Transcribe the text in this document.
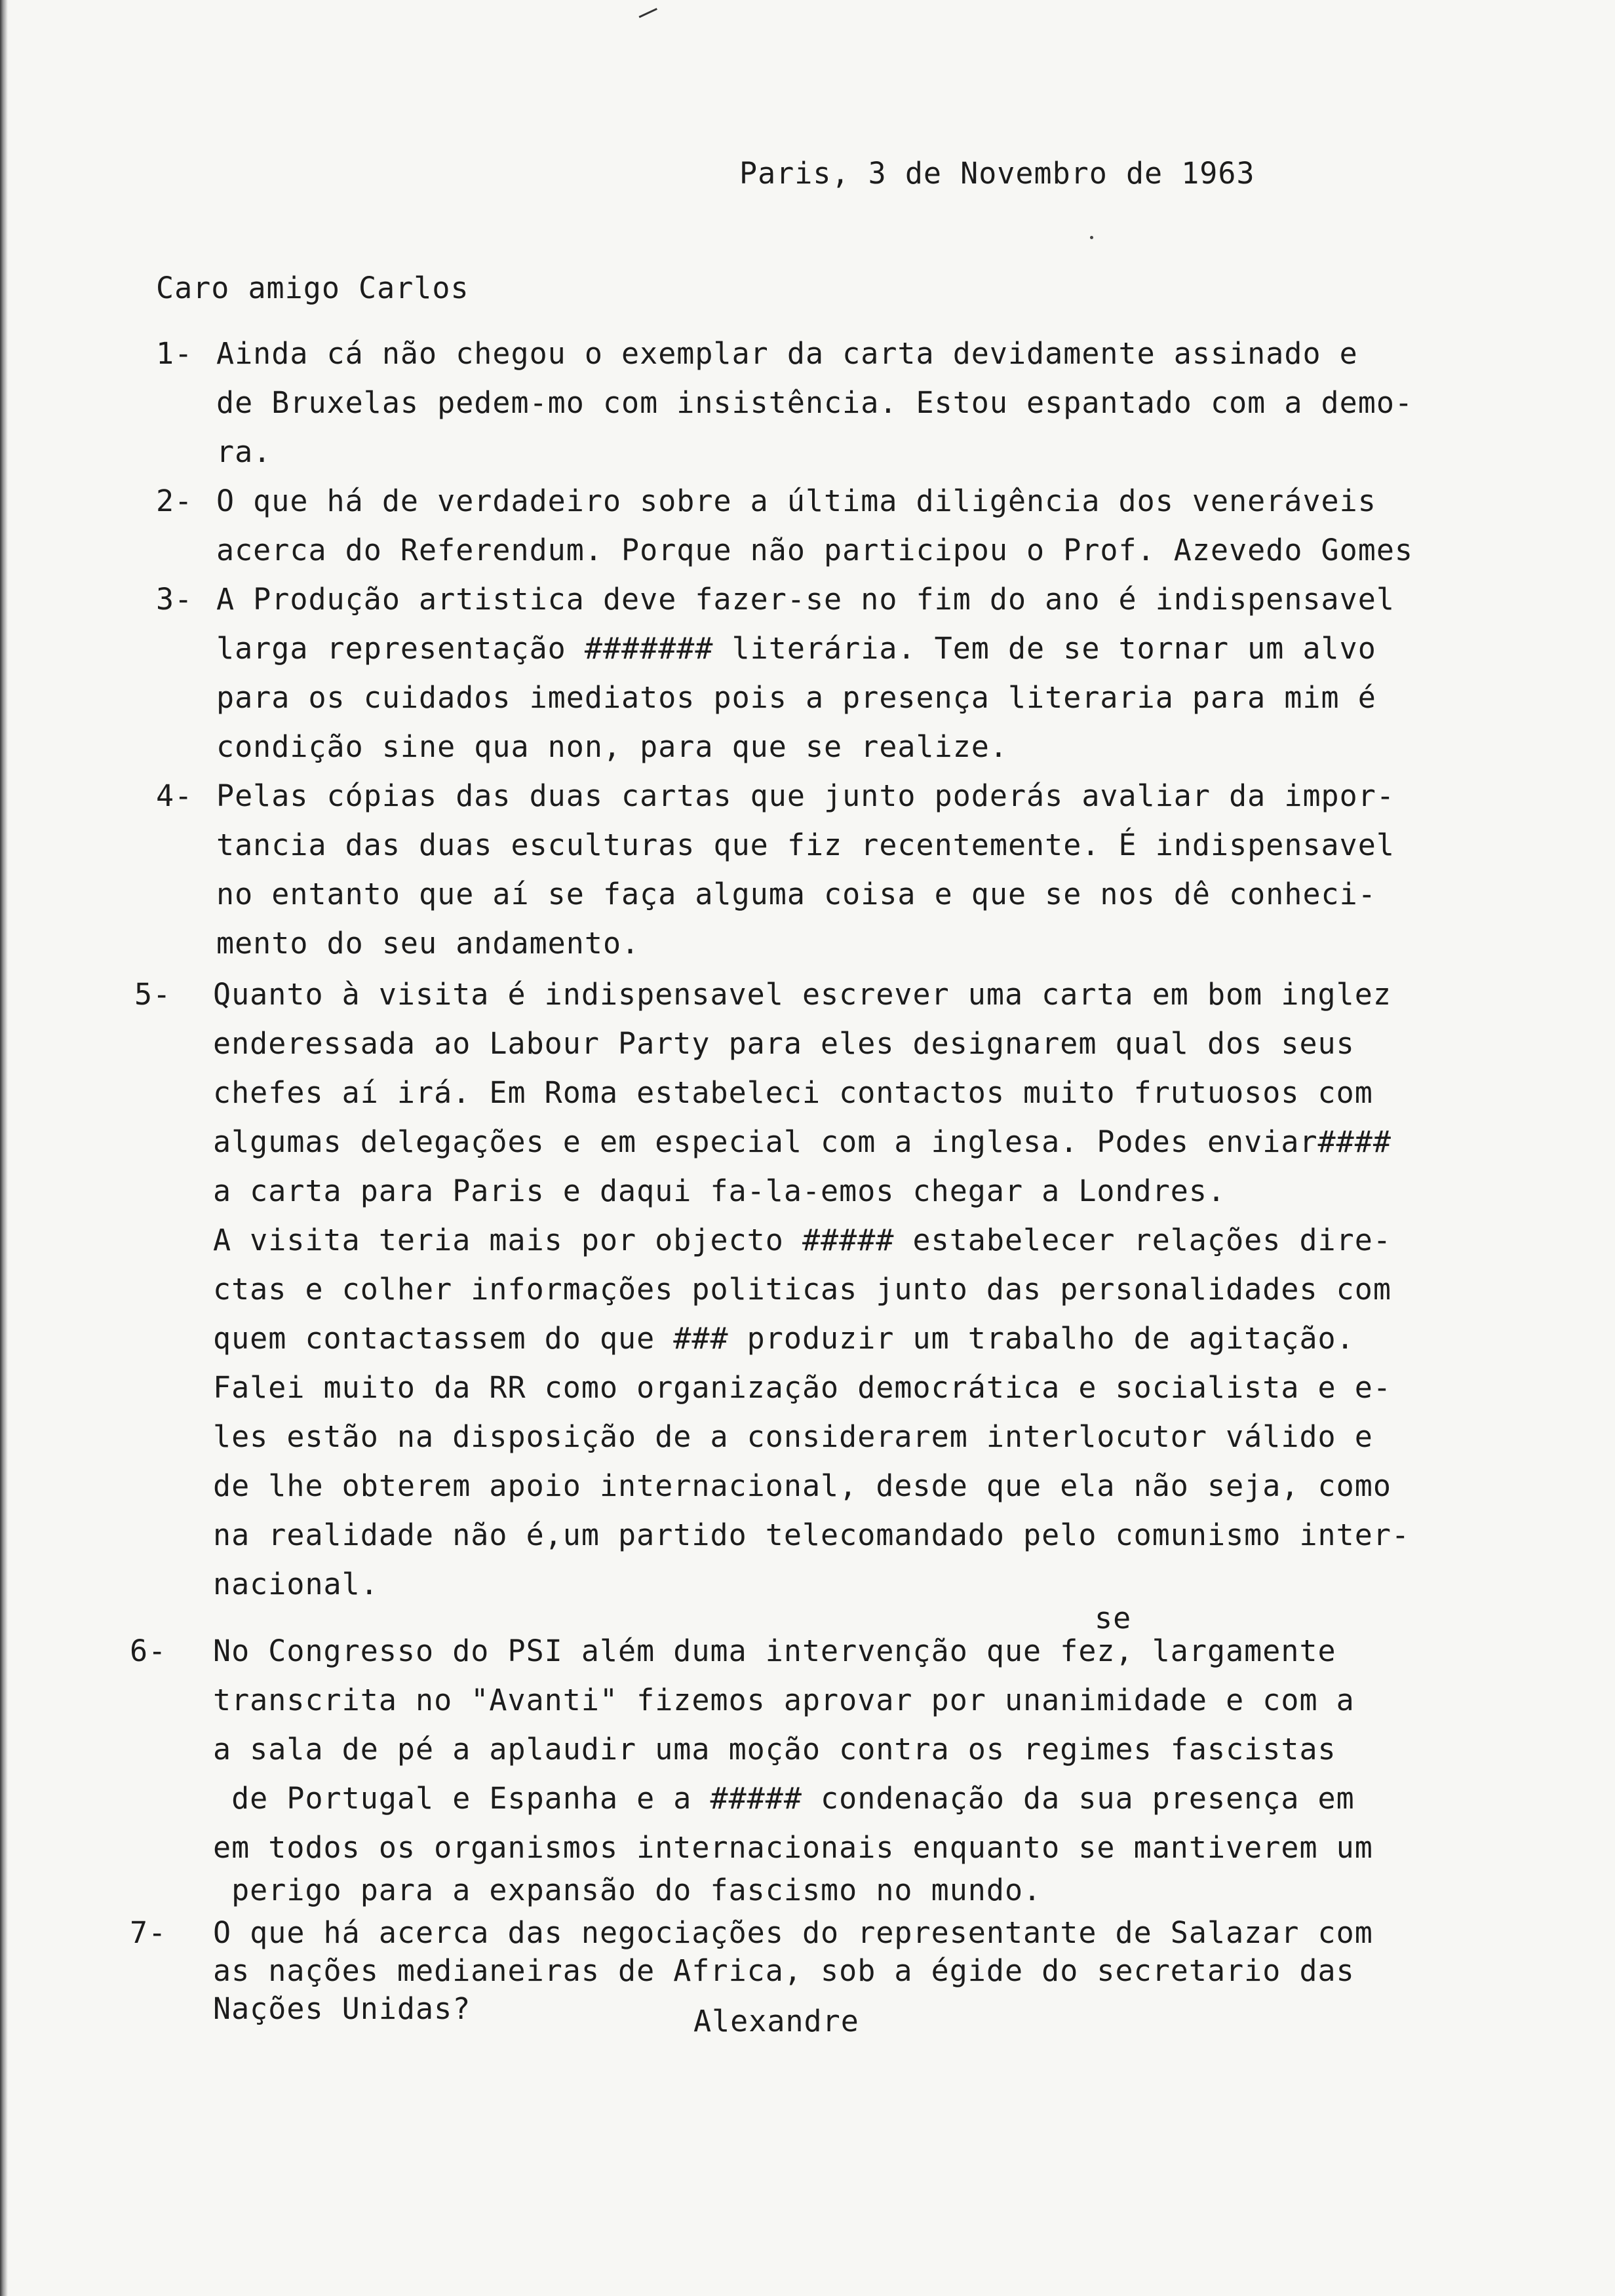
Paris, 3 de Novembro de 1963
Caro amigo Carlos
1- Ainda cá não chegou o exemplar da carta devidamente assinado e
de Bruxelas pedem-mo com insistência. Estou espantado com a demo-
ra.
2- O que há de verdadeiro sobre a última diligência dos veneráveis
acerca do Referendum. Porque não participou o Prof. Azevedo Gomes
3- A Produção artistica deve fazer-se no fim do ano é indispensavel
larga representação ####### literária. Tem de se tornar um alvo
para os cuidados imediatos pois a presença literaria para mim é
condição sine qua non, para que se realize.
4- Pelas cópias das duas cartas que junto poderás avaliar da impor-
tancia das duas esculturas que fiz recentemente. É indispensavel
no entanto que aí se faça alguma coisa e que se nos dê conheci-
mento do seu andamento.
5- Quanto à visita é indispensavel escrever uma carta em bom inglez
enderessada ao Labour Party para eles designarem qual dos seus
chefes aí irá. Em Roma estabeleci contactos muito frutuosos com
algumas delegações e em especial com a inglesa. Podes enviar####
a carta para Paris e daqui fa-la-emos chegar a Londres.
A visita teria mais por objecto ##### estabelecer relações dire-
ctas e colher informações politicas junto das personalidades com
quem contactassem do que ### produzir um trabalho de agitação.
Falei muito da RR como organização democrática e socialista e e-
les estão na disposição de a considerarem interlocutor válido e
de lhe obterem apoio internacional, desde que ela não seja, como
na realidade não é,um partido telecomandado pelo comunismo inter-
nacional.
se
6- No Congresso do PSI além duma intervenção que fez, largamente
transcrita no "Avanti" fizemos aprovar por unanimidade e com a
a sala de pé a aplaudir uma moção contra os regimes fascistas
de Portugal e Espanha e a ##### condenação da sua presença em
em todos os organismos internacionais enquanto se mantiverem um
perigo para a expansão do fascismo no mundo.
7- O que há acerca das negociações do representante de Salazar com
as nações medianeiras de Africa, sob a égide do secretario das
Nações Unidas?	Alexandre
